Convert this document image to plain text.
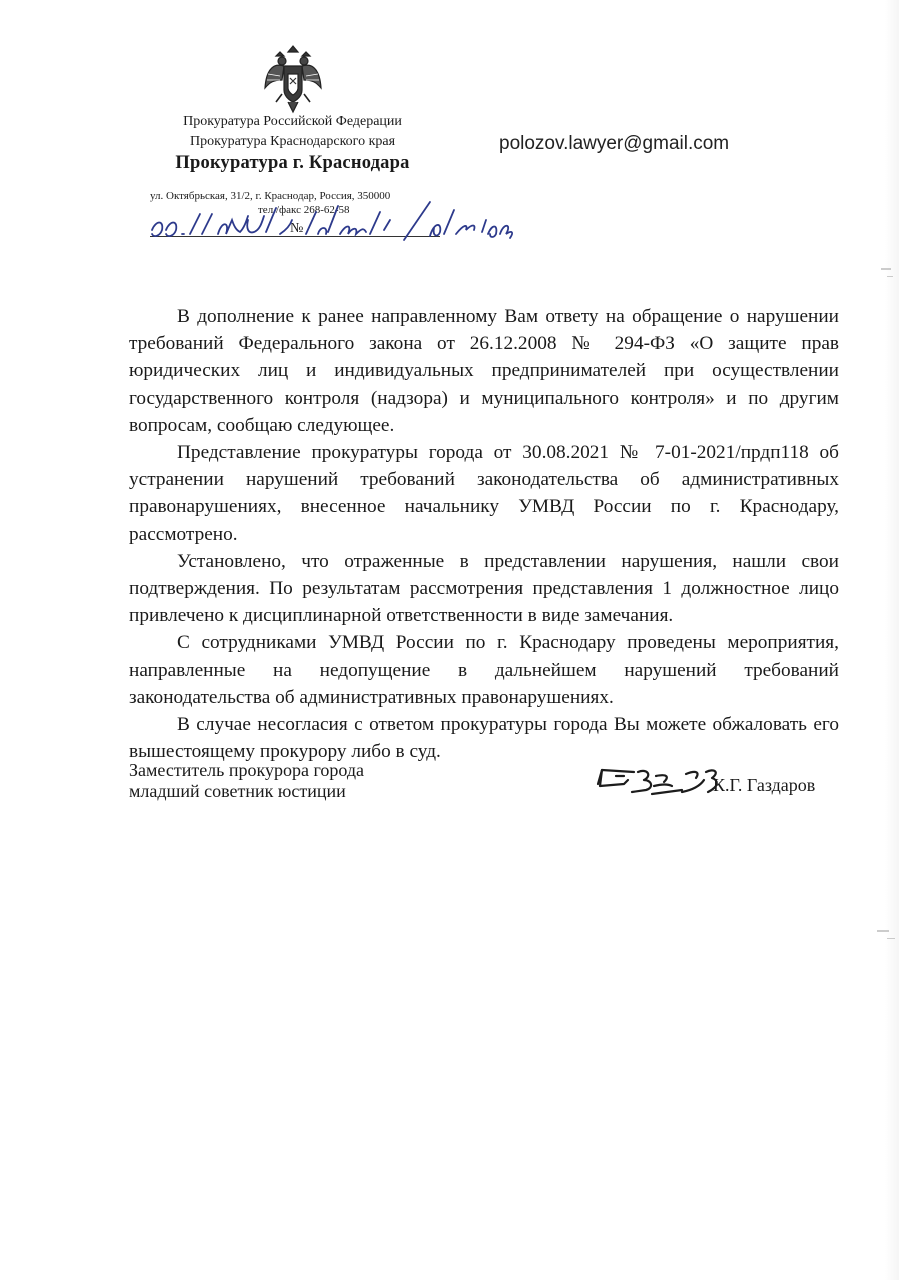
Прокуратура Российской Федерации
Прокуратура Краснодарского края
Прокуратура г. Краснодара
ул. Октябрьская, 31/2, г. Краснодар, Россия, 350000
тел./факс 268-62-58
№
polozov.lawyer@gmail.com

В дополнение к ранее направленному Вам ответу на обращение о нарушении требований Федерального закона от 26.12.2008 № 294-ФЗ «О защите прав юридических лиц и индивидуальных предпринимателей при осуществлении государственного контроля (надзора) и муниципального контроля» и по другим вопросам, сообщаю следующее.

Представление прокуратуры города от 30.08.2021 № 7-01-2021/прдп118 об устранении нарушений требований законодательства об административных правонарушениях, внесенное начальнику УМВД России по г. Краснодару, рассмотрено.

Установлено, что отраженные в представлении нарушения, нашли свои подтверждения. По результатам рассмотрения представления 1 должностное лицо привлечено к дисциплинарной ответственности в виде замечания.

С сотрудниками УМВД России по г. Краснодару проведены мероприятия, направленные на недопущение в дальнейшем нарушений требований законодательства об административных правонарушениях.

В случае несогласия с ответом прокуратуры города Вы можете обжаловать его вышестоящему прокурору либо в суд.

Заместитель прокурора города
младший советник юстиции	К.Г. Газдаров
